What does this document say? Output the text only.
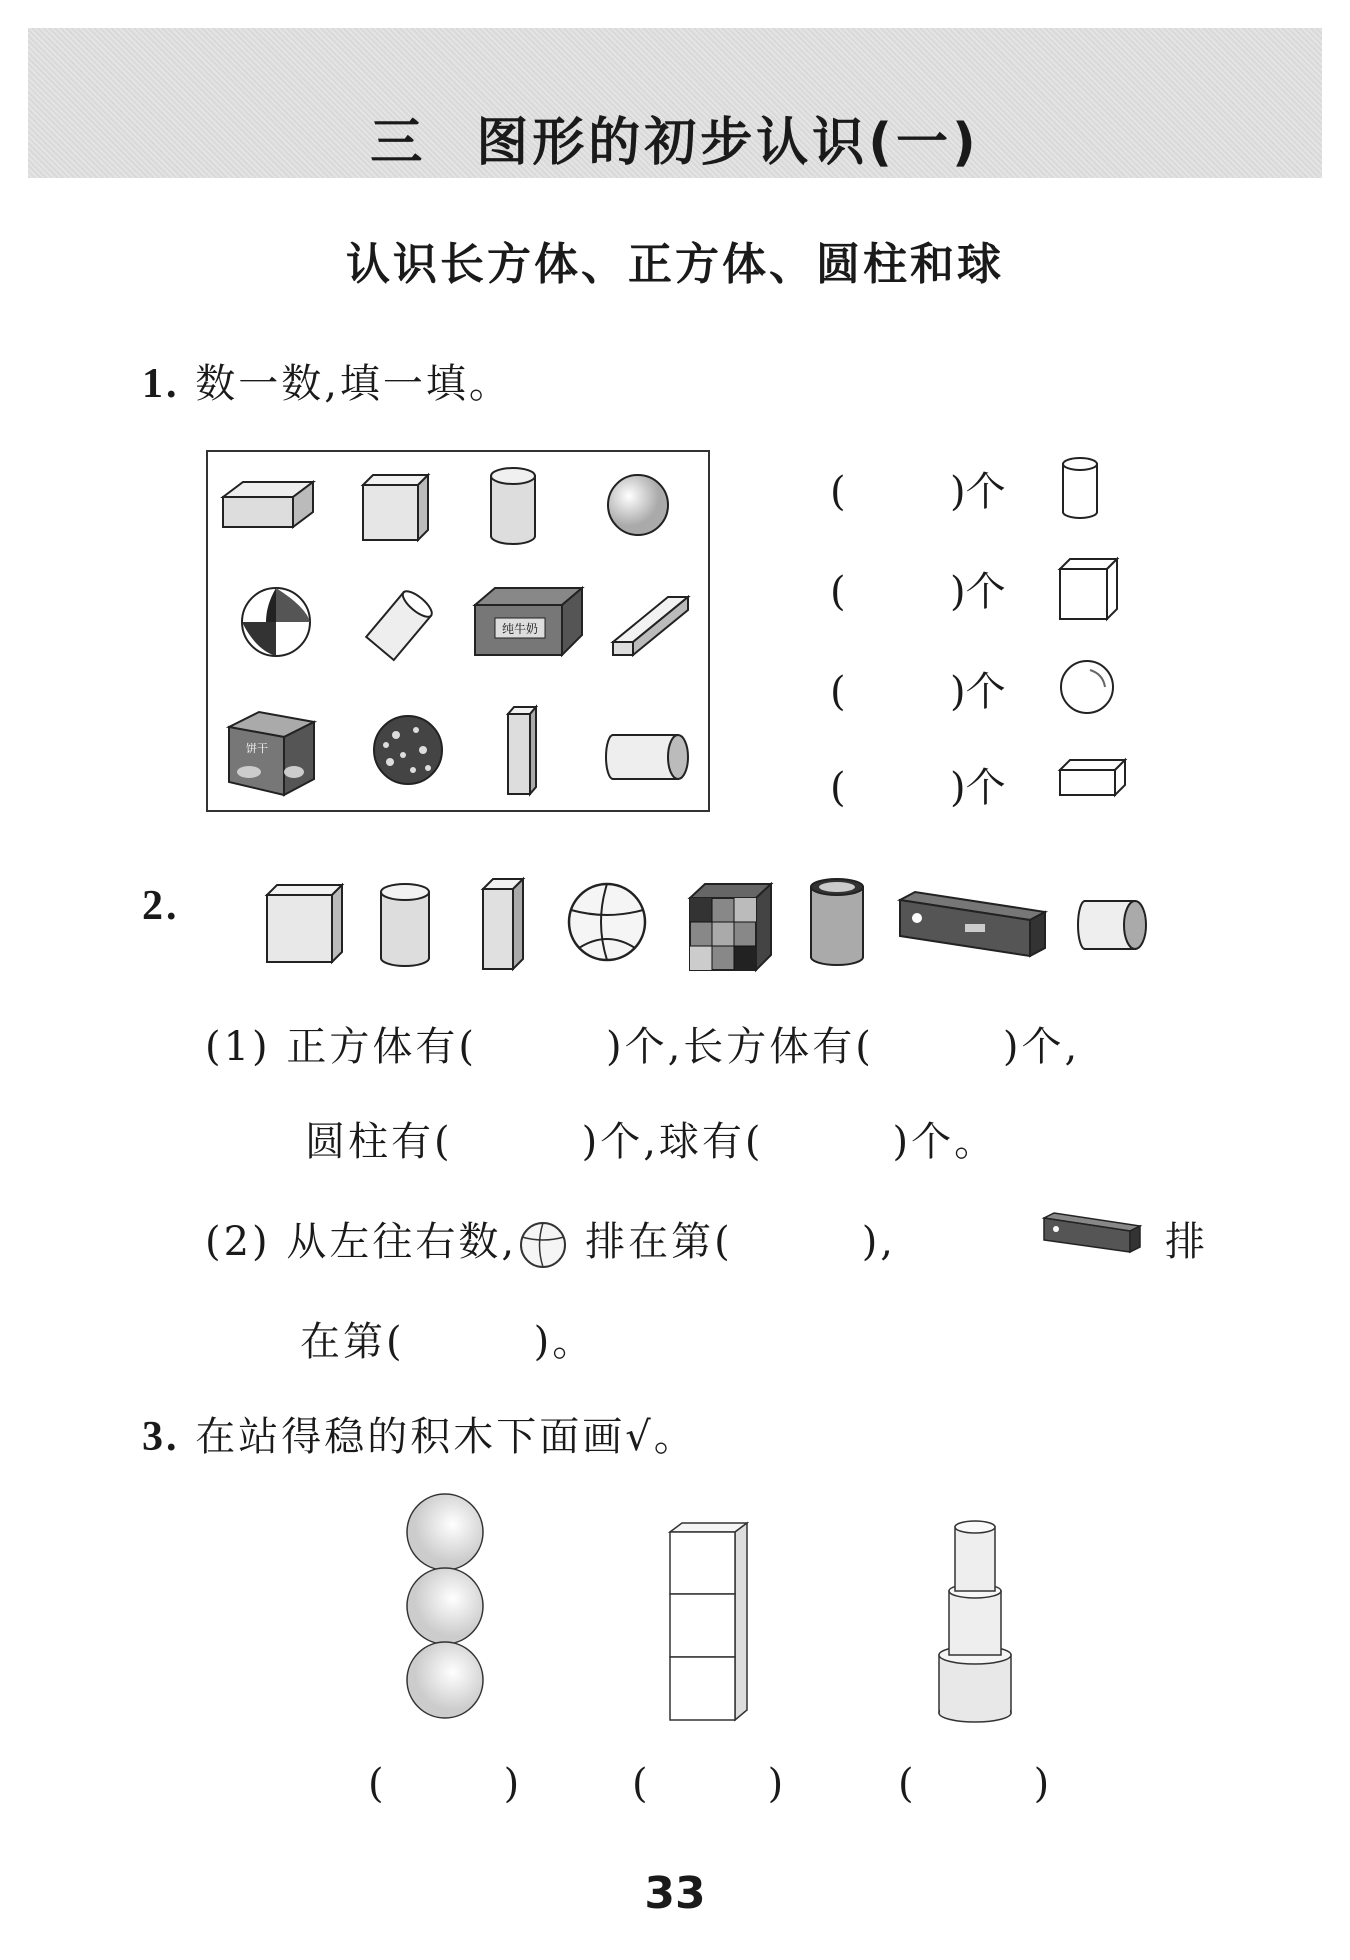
三 图形的初步认识(一)
认识长方体、正方体、圆柱和球
1. 数一数,填一填。
纯牛奶
饼干
(	)个
(	)个
(	)个
(	)个
2.
(1) 正方体有(　　　)个,长方体有(　　　)个,
圆柱有(　　　)个,球有(　　　)个。
(2) 从左往右数, 排在第(　　　),	排
在第(　　　)。
3. 在站得稳的积木下面画√。
(　　　)	(　　　)	(　　　)
33
